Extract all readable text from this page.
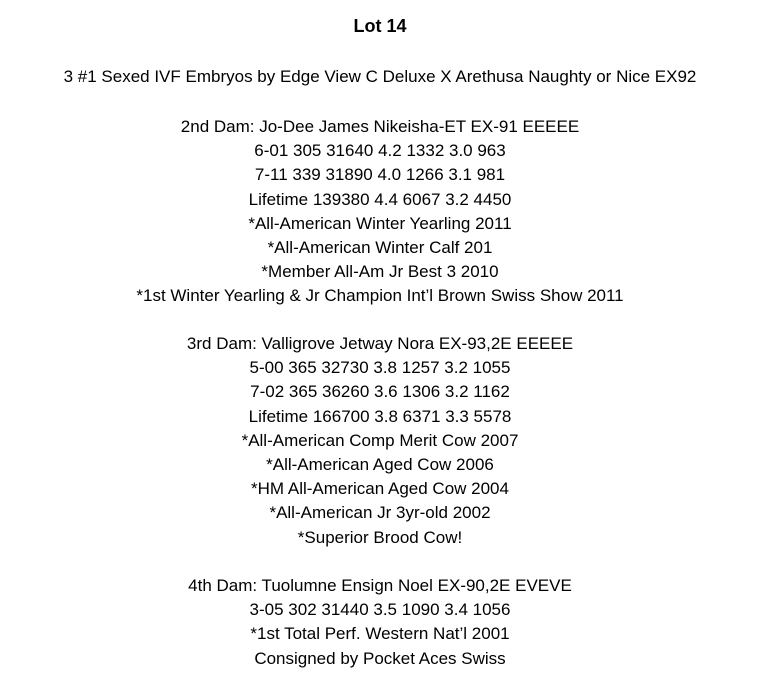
Lot 14
3 #1 Sexed IVF Embryos by Edge View C Deluxe X Arethusa Naughty or Nice EX92
2nd Dam: Jo-Dee James Nikeisha-ET EX-91 EEEEE
6-01 305 31640 4.2 1332 3.0 963
7-11 339 31890 4.0 1266 3.1 981
Lifetime 139380 4.4 6067 3.2 4450
*All-American Winter Yearling 2011
*All-American Winter Calf 201
*Member All-Am Jr Best 3 2010
*1st Winter Yearling & Jr Champion Int’l Brown Swiss Show 2011
3rd Dam: Valligrove Jetway Nora EX-93,2E EEEEE
5-00 365 32730 3.8 1257 3.2 1055
7-02 365 36260 3.6 1306 3.2 1162
Lifetime 166700 3.8 6371 3.3 5578
*All-American Comp Merit Cow 2007
*All-American Aged Cow 2006
*HM All-American Aged Cow 2004
*All-American Jr 3yr-old 2002
*Superior Brood Cow!
4th Dam: Tuolumne Ensign Noel EX-90,2E EVEVE
3-05 302 31440 3.5 1090 3.4 1056
*1st Total Perf. Western Nat’l 2001
Consigned by Pocket Aces Swiss
